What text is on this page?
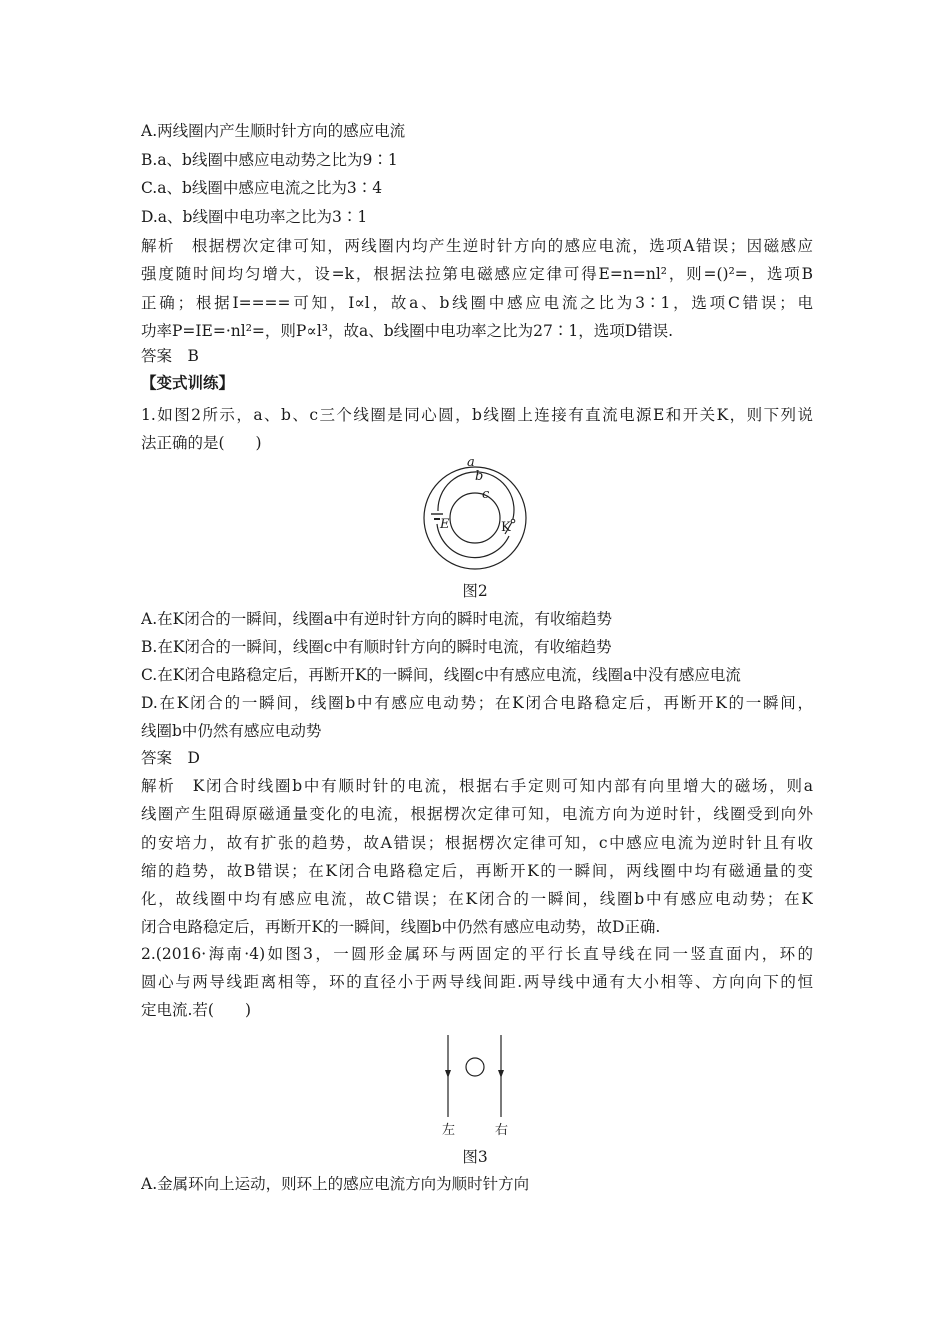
A.两线圈内产生顺时针方向的感应电流
B.a、b线圈中感应电动势之比为9∶1
C.a、b线圈中感应电流之比为3∶4
D.a、b线圈中电功率之比为3∶1
解析　根据楞次定律可知，两线圈内均产生逆时针方向的感应电流，选项A错误；因磁感应
强度随时间均匀增大，设=k，根据法拉第电磁感应定律可得E=n=nl²，则=()²=，选项B
正确；根据I====可知，I∝l，故a、b线圈中感应电流之比为3∶1，选项C错误；电
功率P=IE=·nl²=，则P∝l³，故a、b线圈中电功率之比为27∶1，选项D错误.
答案　B
【变式训练】
1.如图2所示，a、b、c三个线圈是同心圆，b线圈上连接有直流电源E和开关K，则下列说
法正确的是(　　)
a
b
c
E	K
图2
A.在K闭合的一瞬间，线圈a中有逆时针方向的瞬时电流，有收缩趋势
B.在K闭合的一瞬间，线圈c中有顺时针方向的瞬时电流，有收缩趋势
C.在K闭合电路稳定后，再断开K的一瞬间，线圈c中有感应电流，线圈a中没有感应电流
D.在K闭合的一瞬间，线圈b中有感应电动势；在K闭合电路稳定后，再断开K的一瞬间，
线圈b中仍然有感应电动势
答案　D
解析　K闭合时线圈b中有顺时针的电流，根据右手定则可知内部有向里增大的磁场，则a
线圈产生阻碍原磁通量变化的电流，根据楞次定律可知，电流方向为逆时针，线圈受到向外
的安培力，故有扩张的趋势，故A错误；根据楞次定律可知，c中感应电流为逆时针且有收
缩的趋势，故B错误；在K闭合电路稳定后，再断开K的一瞬间，两线圈中均有磁通量的变
化，故线圈中均有感应电流，故C错误；在K闭合的一瞬间，线圈b中有感应电动势；在K
闭合电路稳定后，再断开K的一瞬间，线圈b中仍然有感应电动势，故D正确.
2.(2016·海南·4)如图3，一圆形金属环与两固定的平行长直导线在同一竖直面内，环的
圆心与两导线距离相等，环的直径小于两导线间距.两导线中通有大小相等、方向向下的恒
定电流.若(　　)
左	右
图3
A.金属环向上运动，则环上的感应电流方向为顺时针方向
